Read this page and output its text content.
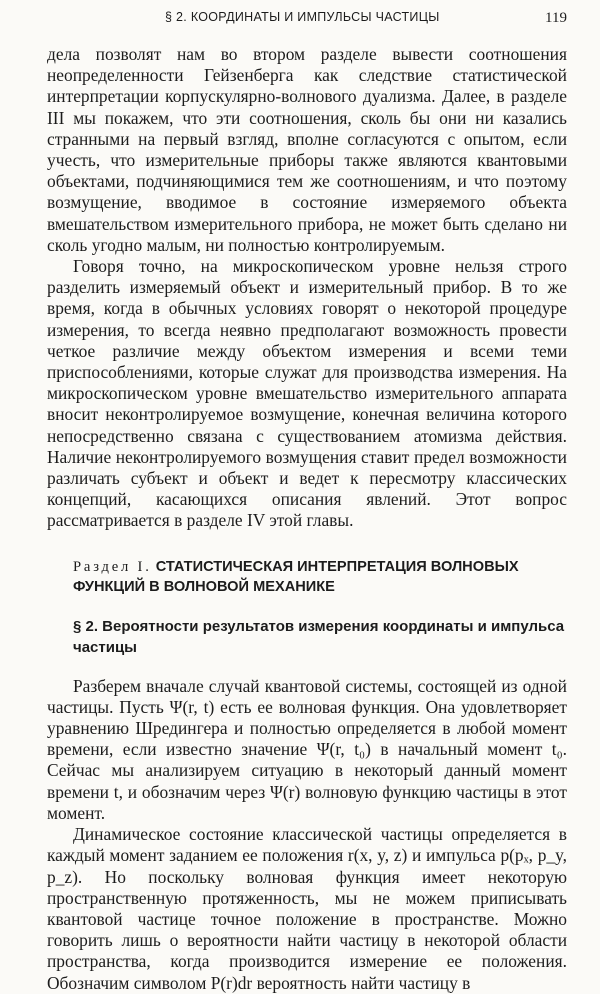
§ 2. КООРДИНАТЫ И ИМПУЛЬСЫ ЧАСТИЦЫ	119

дела позволят нам во втором разделе вывести соотношения неопределенности Гейзенберга как следствие статистической интерпретации корпускулярно-волнового дуализма. Далее, в разделе III мы покажем, что эти соотношения, сколь бы они ни казались странными на первый взгляд, вполне согласуются с опытом, если учесть, что измерительные приборы также являются квантовыми объектами, подчиняющимися тем же соотношениям, и что поэтому возмущение, вводимое в состояние измеряемого объекта вмешательством измерительного прибора, не может быть сделано ни сколь угодно малым, ни полностью контролируемым.

Говоря точно, на микроскопическом уровне нельзя строго разделить измеряемый объект и измерительный прибор. В то же время, когда в обычных условиях говорят о некоторой процедуре измерения, то всегда неявно предполагают возможность провести четкое различие между объектом измерения и всеми теми приспособлениями, которые служат для производства измерения. На микроскопическом уровне вмешательство измерительного аппарата вносит неконтролируемое возмущение, конечная величина которого непосредственно связана с существованием атомизма действия. Наличие неконтролируемого возмущения ставит предел возможности различать субъект и объект и ведет к пересмотру классических концепций, касающихся описания явлений. Этот вопрос рассматривается в разделе IV этой главы.

Раздел I. СТАТИСТИЧЕСКАЯ ИНТЕРПРЕТАЦИЯ ВОЛНОВЫХ ФУНКЦИЙ В ВОЛНОВОЙ МЕХАНИКЕ
§ 2. Вероятности результатов измерения координаты и импульса частицы

Разберем вначале случай квантовой системы, состоящей из одной частицы. Пусть Ψ(r, t) есть ее волновая функция. Она удовлетворяет уравнению Шредингера и полностью определяется в любой момент времени, если известно значение Ψ(r, t₀) в начальный момент t₀. Сейчас мы анализируем ситуацию в некоторый данный момент времени t, и обозначим через Ψ(r) волновую функцию частицы в этот момент.

Динамическое состояние классической частицы определяется в каждый момент заданием ее положения r(x, y, z) и импульса p(pₓ, p_y, p_z). Но поскольку волновая функция имеет некоторую пространственную протяженность, мы не можем приписывать квантовой частице точное положение в пространстве. Можно говорить лишь о вероятности найти частицу в некоторой области пространства, когда производится измерение ее положения. Обозначим символом P(r)dr вероятность найти частицу в
